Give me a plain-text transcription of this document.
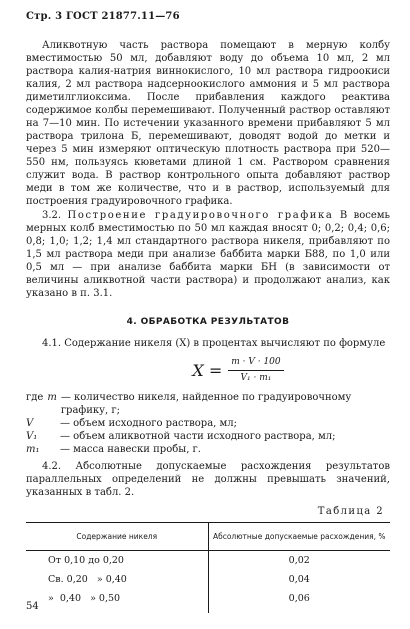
Стр. 3 ГОСТ 21877.11—76

Аликвотную часть раствора помещают в мерную колбу вместимостью 50 мл, добавляют воду до объема 10 мл, 2 мл раствора калия-натрия виннокислого, 10 мл раствора гидроокиси калия, 2 мл раствора надсерноокислого аммония и 5 мл раствора диметилглиоксима. После прибавления каждого реактива содержимое колбы перемешивают. Полученный раствор оставляют на 7—10 мин. По истечении указанного времени прибавляют 5 мл раствора трилона Б, перемешивают, доводят водой до метки и через 5 мин измеряют оптическую плотность раствора при 520—550 нм, пользуясь кюветами длиной 1 см. Раствором сравнения служит вода. В раствор контрольного опыта добавляют раствор меди в том же количестве, что и в раствор, используемый для построения градуировочного графика.

3.2. Построение градуировочного графика В восемь мерных колб вместимостью по 50 мл каждая вносят 0; 0,2; 0,4; 0,6; 0,8; 1,0; 1,2; 1,4 мл стандартного раствора никеля, прибавляют по 1,5 мл раствора меди при анализе баббита марки Б88, по 1,0 или 0,5 мл — при анализе баббита марки БН (в зависимости от величины аликвотной части раствора) и продолжают анализ, как указано в п. 3.1.

4. ОБРАБОТКА РЕЗУЛЬТАТОВ

4.1. Содержание никеля (X) в процентах вычисляют по формуле

$X = \frac{m \cdot V \cdot 100}{\text{V₁ · m₁}}$
где m — количество никеля, найденное по градуировочному графику, г;
V	— объем исходного раствора, мл;
V₁	— объем аликвотной части исходного раствора, мл;
m₁	— масса навески пробы, г.

4.2. Абсолютные допускаемые расхождения результатов параллельных определений не должны превышать значений, указанных в табл. 2.

Таблица 2
Содержание никеля	Абсолютные допускаемые расхождения, %
От 0,10 до 0,20	0,02
Св. 0,20   » 0,40	0,04
»  0,40   » 0,50	0,06
54
